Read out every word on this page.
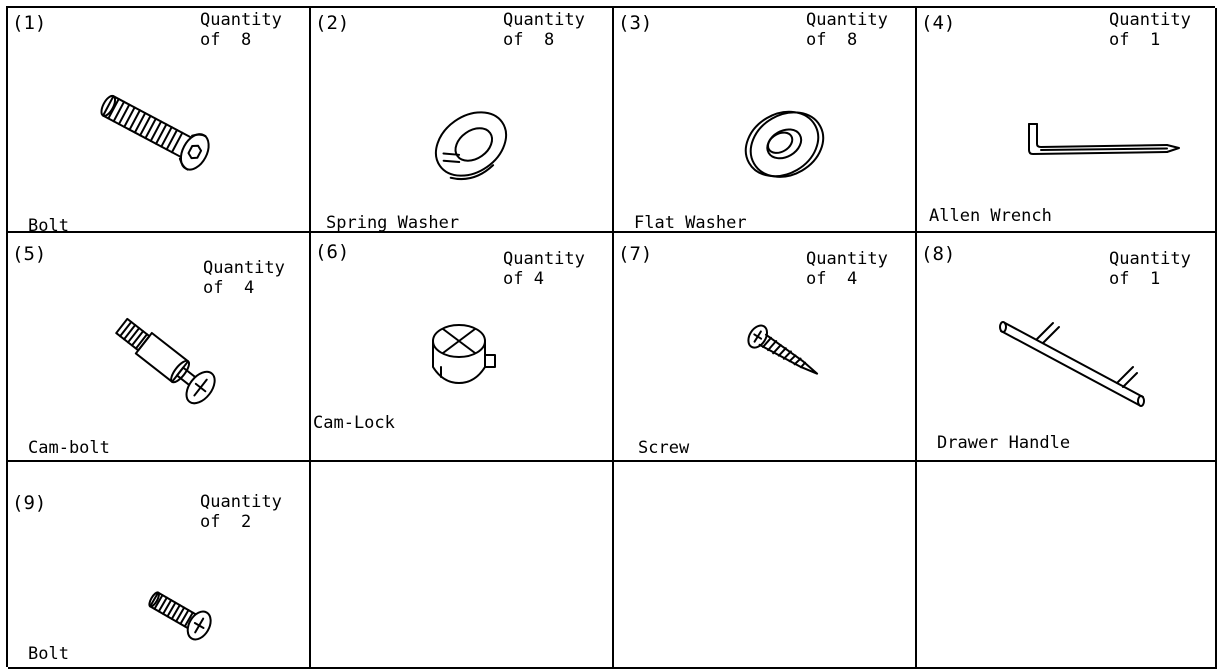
(1)	Quantity
of  8
Bolt
(2)	Quantity
of  8
Spring Washer
(3)	Quantity
of  8
Flat Washer
(4)	Quantity
of  1
Allen Wrench
(5)
Quantity
of  4
Cam-bolt
(6)	Quantity
of 4
Cam-Lock
(7)	Quantity
of  4
Screw
(8)	Quantity
of  1
Drawer Handle
(9)	Quantity
of  2
Bolt
